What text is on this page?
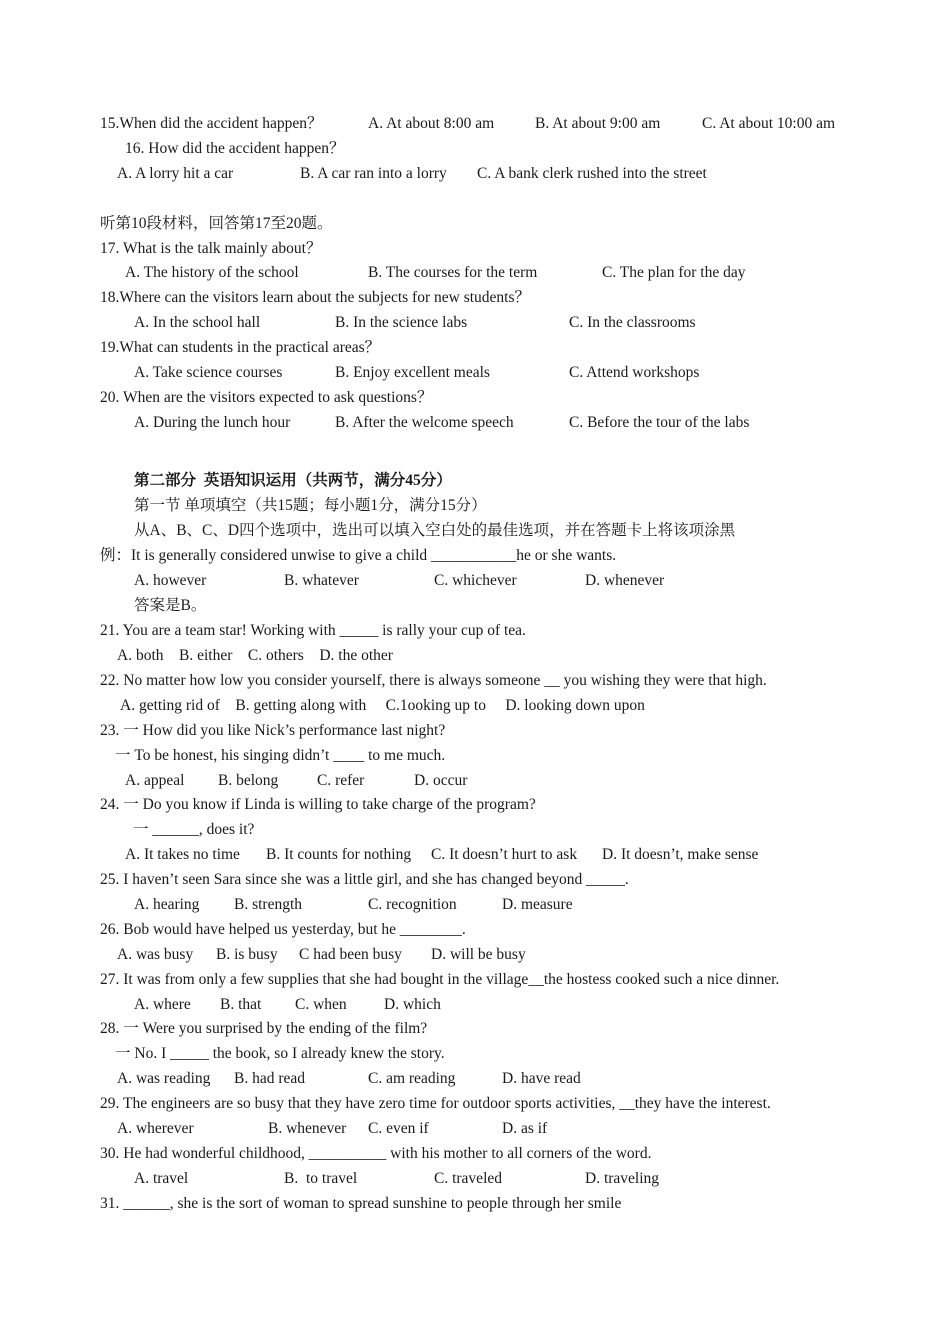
15.When did the accident happen？	A. At about 8:00 am	B. At about 9:00 am	C. At about 10:00 am
16. How did the accident happen？
A. A lorry hit a car	B. A car ran into a lorry C. A bank clerk rushed into the street
听第10段材料，回答第17至20题。
17. What is the talk mainly about？
A. The history of the school	B. The courses for the term	C. The plan for the day
18.Where can the visitors learn about the subjects for new students？
A. In the school hall	B. In the science labs	C. In the classrooms
19.What can students in the practical areas？
A. Take science courses	B. Enjoy excellent meals	C. Attend workshops
20. When are the visitors expected to ask questions？
A. During the lunch hour	B. After the welcome speech	C. Before the tour of the labs
第二部分  英语知识运用（共两节，满分45分）
第一节 单项填空（共15题；每小题1分，满分15分）
从A、B、C、D四个选项中，选出可以填入空白处的最佳选项，并在答题卡上将该项涂黑
例：It is generally considered unwise to give a child ___________he or she wants.
A. however	B. whatever	C. whichever	D. whenever
答案是B。
21. You are a team star! Working with _____ is rally your cup of tea.
A. both    B. either    C. others    D. the other
22. No matter how low you consider yourself, there is always someone __ you wishing they were that high.
A. getting rid of    B. getting along with     C.1ooking up to     D. looking down upon
23. 一 How did you like Nick’s performance last night?
一 To be honest, his singing didn’t ____ to me much.
A. appeal B. belong C. refer	D. occur
24. 一 Do you know if Linda is willing to take charge of the program?
一 ______, does it?
A. It takes no time B. It counts for nothing C. It doesn’t hurt to ask D. It doesn’t, make sense
25. I haven’t seen Sara since she was a little girl, and she has changed beyond _____.
A. hearing B. strength	C. recognition	D. measure
26. Bob would have helped us yesterday, but he ________.
A. was busy B. is busy C had been busy D. will be busy
27. It was from only a few supplies that she had bought in the village__the hostess cooked such a nice dinner.
A. where B. that C. when D. which
28. 一 Were you surprised by the ending of the film?
一 No. I _____ the book, so I already knew the story.
A. was reading B. had read	C. am reading	D. have read
29. The engineers are so busy that they have zero time for outdoor sports activities, __they have the interest.
A. wherever	B. whenever C. even if	D. as if
30. He had wonderful childhood, __________ with his mother to all corners of the word.
A. travel	B.  to travel	C. traveled	D. traveling
31. ______, she is the sort of woman to spread sunshine to people through her smile
